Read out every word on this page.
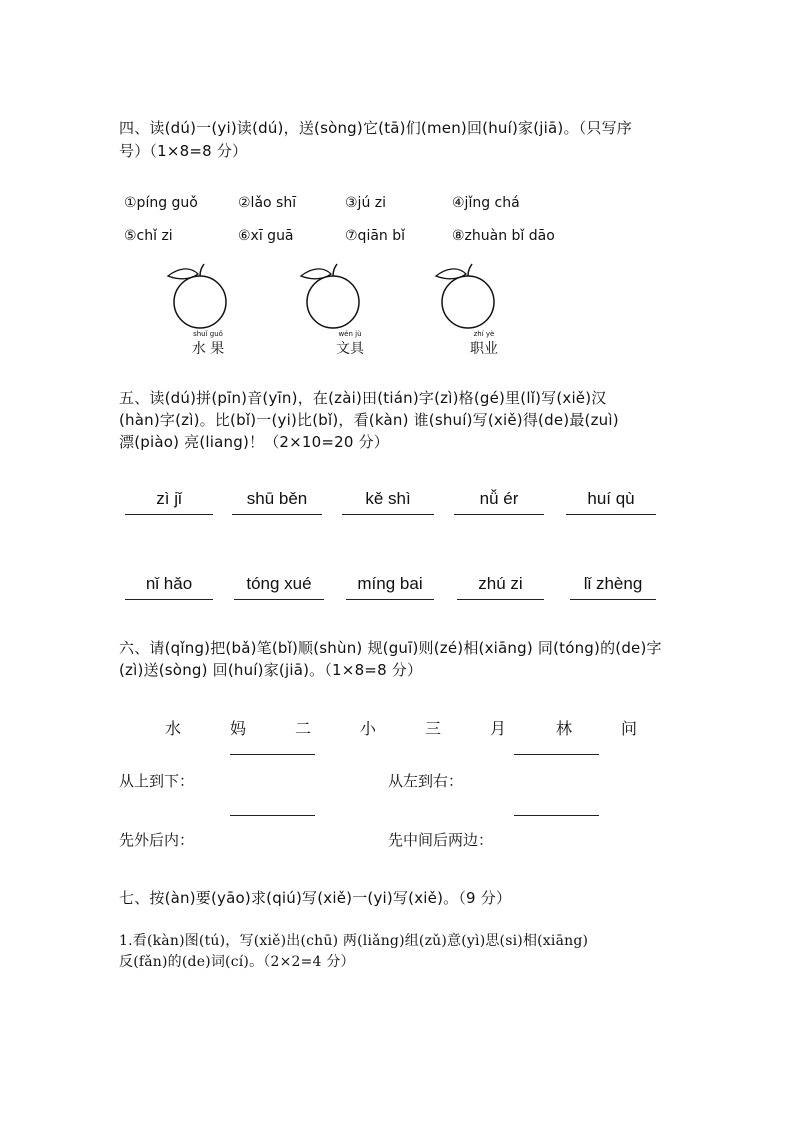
四、读(dú)一(yi)读(dú)，送(sòng)它(tā)们(men)回(huí)家(jiā)。（只写序
号）（1×8=8 分）
①píng guǒ	②lǎo shī	③jú zi	④jǐng chá
⑤chǐ zi	⑥xī guā	⑦qiān bǐ	⑧zhuàn bǐ dāo
shuǐ guǒ
水 果
wén jù
文具
zhí yè
职业
五、读(dú)拼(pīn)音(yīn)，在(zài)田(tián)字(zì)格(gé)里(lǐ)写(xiě)汉
(hàn)字(zì)。比(bǐ)一(yi)比(bǐ)，看(kàn) 谁(shuí)写(xiě)得(de)最(zuì)
漂(piào) 亮(liang)！（2×10=20 分）
zì jǐ	shū běn	kě shì	nǚ ér	huí qù
nǐ hǎo	tóng xué	míng bai	zhú zi	lǐ zhèng
六、请(qǐng)把(bǎ)笔(bǐ)顺(shùn) 规(guī)则(zé)相(xiāng) 同(tóng)的(de)字
(zì)送(sòng) 回(huí)家(jiā)。（1×8=8 分）
水	妈	二	小	三	月	林	问
从上到下：	从左到右：
先外后内：	先中间后两边：
七、按(àn)要(yāo)求(qiú)写(xiě)一(yi)写(xiě)。（9 分）
1.看(kàn)图(tú)，写(xiě)出(chū) 两(liǎng)组(zǔ)意(yì)思(si)相(xiāng)
反(fǎn)的(de)词(cí)。（2×2=4 分）
